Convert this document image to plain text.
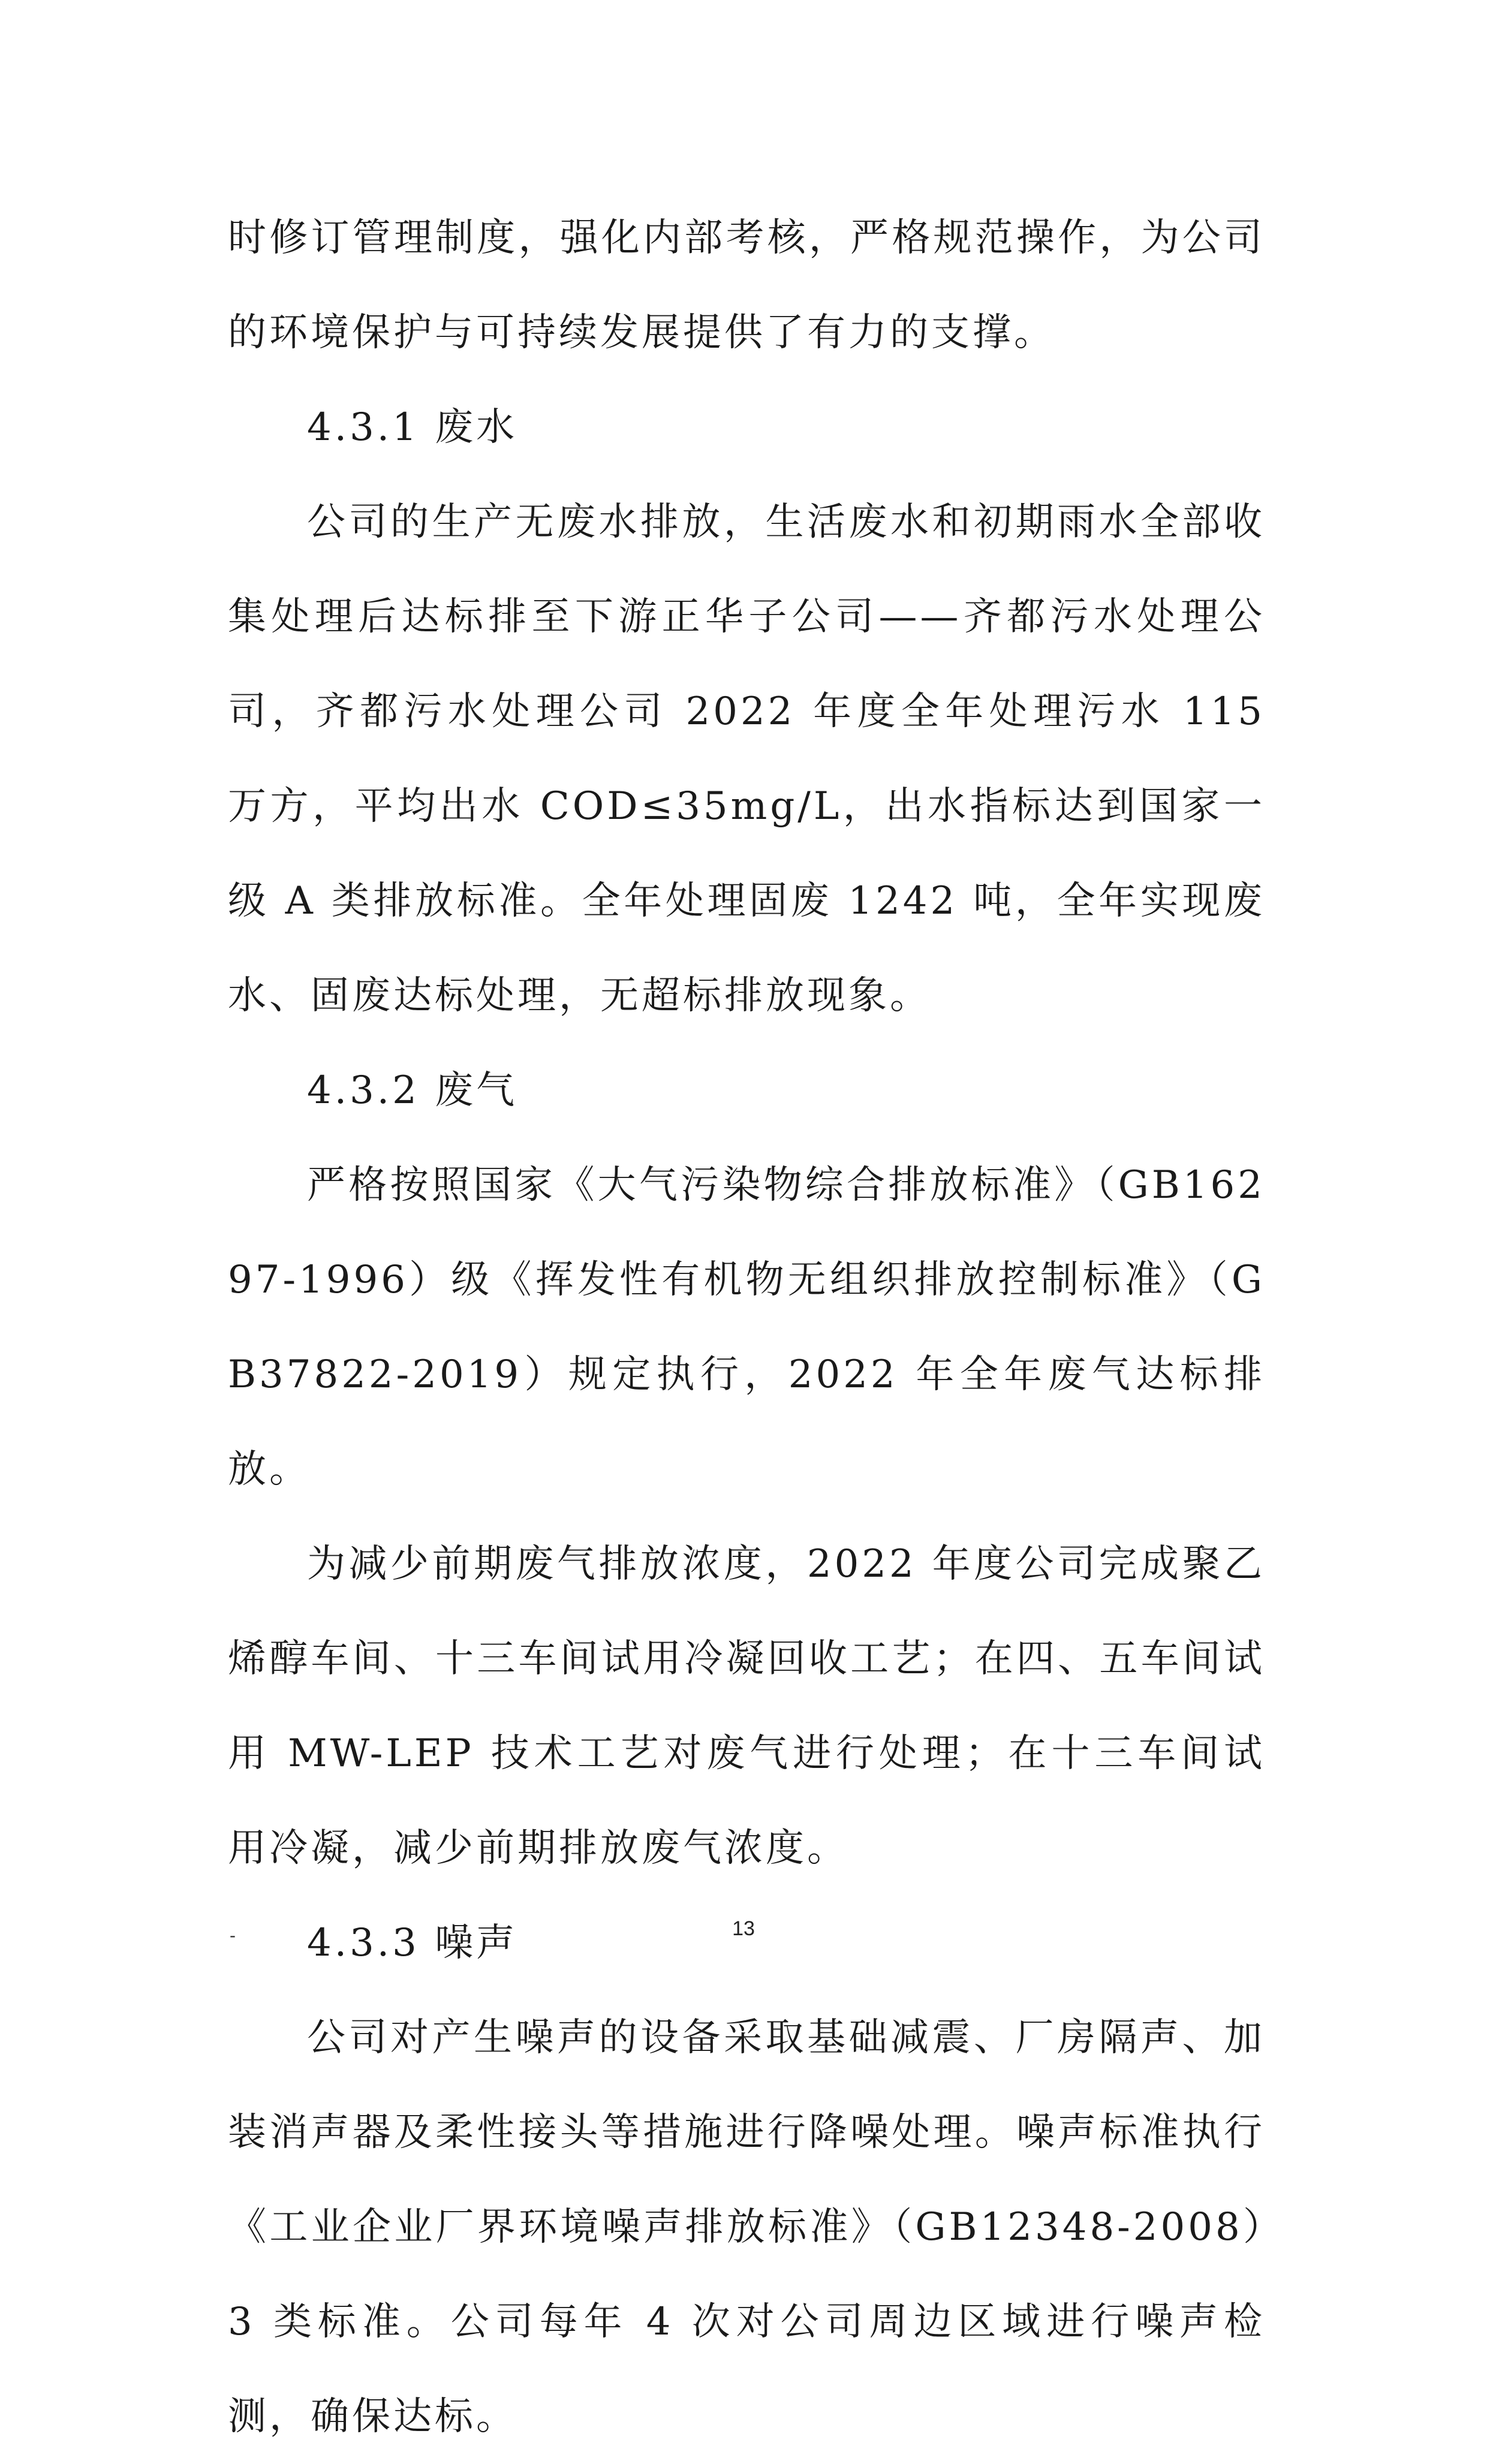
时修订管理制度，强化内部考核，严格规范操作，为公司的环境保护与可持续发展提供了有力的支撑。

4.3.1 废水

公司的生产无废水排放，生活废水和初期雨水全部收集处理后达标排至下游正华子公司——齐都污水处理公司，齐都污水处理公司 2022 年度全年处理污水 115 万方，平均出水 COD≤35mg/L，出水指标达到国家一级 A 类排放标准。全年处理固废 1242 吨，全年实现废水、固废达标处理，无超标排放现象。

4.3.2 废气

严格按照国家《大气污染物综合排放标准》（GB16297-1996）级《挥发性有机物无组织排放控制标准》（GB37822-2019）规定执行，2022 年全年废气达标排放。

为减少前期废气排放浓度，2022 年度公司完成聚乙烯醇车间、十三车间试用冷凝回收工艺；在四、五车间试用 MW-LEP 技术工艺对废气进行处理；在十三车间试用冷凝，减少前期排放废气浓度。

4.3.3 噪声

公司对产生噪声的设备采取基础减震、厂房隔声、加装消声器及柔性接头等措施进行降噪处理。噪声标准执行《工业企业厂界环境噪声排放标准》（GB12348-2008）3 类标准。公司每年 4 次对公司周边区域进行噪声检测，确保达标。

-	13
